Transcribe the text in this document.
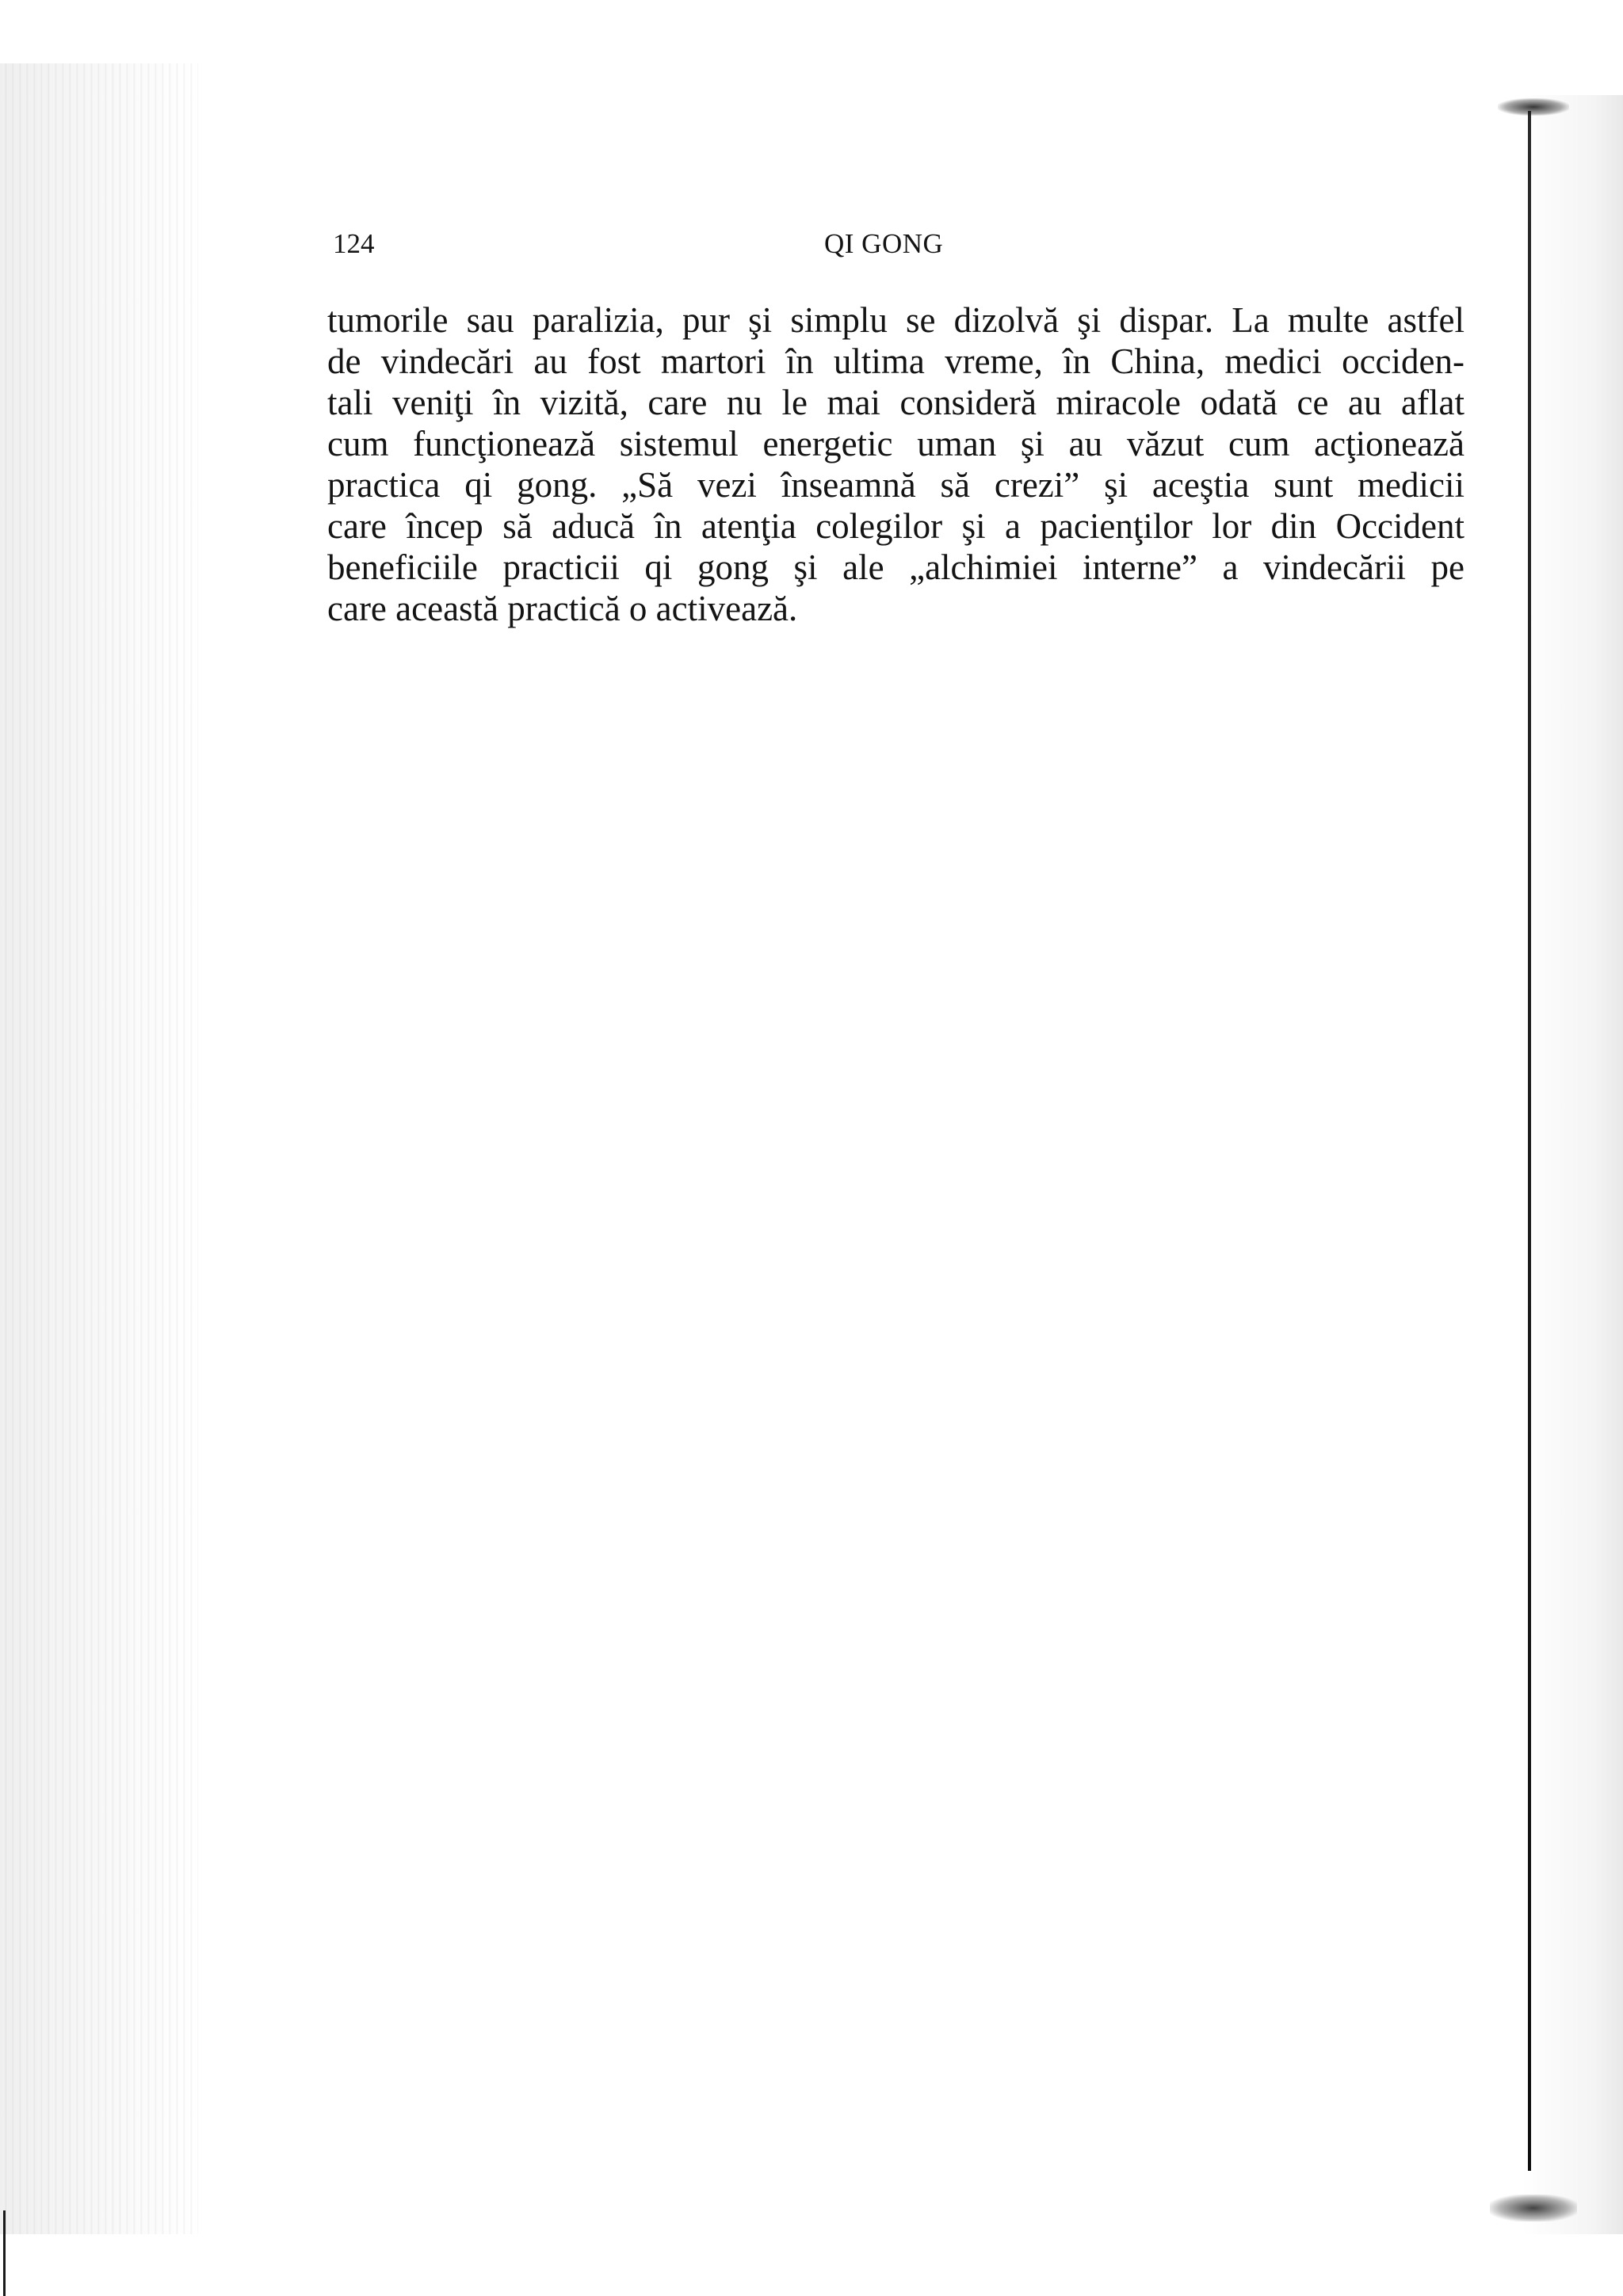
124	QI GONG
tumorile sau paralizia, pur şi simplu se dizolvă şi dispar. La multe astfel
de vindecări au fost martori în ultima vreme, în China, medici occiden-
tali veniţi în vizită, care nu le mai consideră miracole odată ce au aflat
cum funcţionează sistemul energetic uman şi au văzut cum acţionează
practica qi gong. „Să vezi înseamnă să crezi” şi aceştia sunt medicii
care încep să aducă în atenţia colegilor şi a pacienţilor lor din Occident
beneficiile practicii qi gong şi ale „alchimiei interne” a vindecării pe
care această practică o activează.
